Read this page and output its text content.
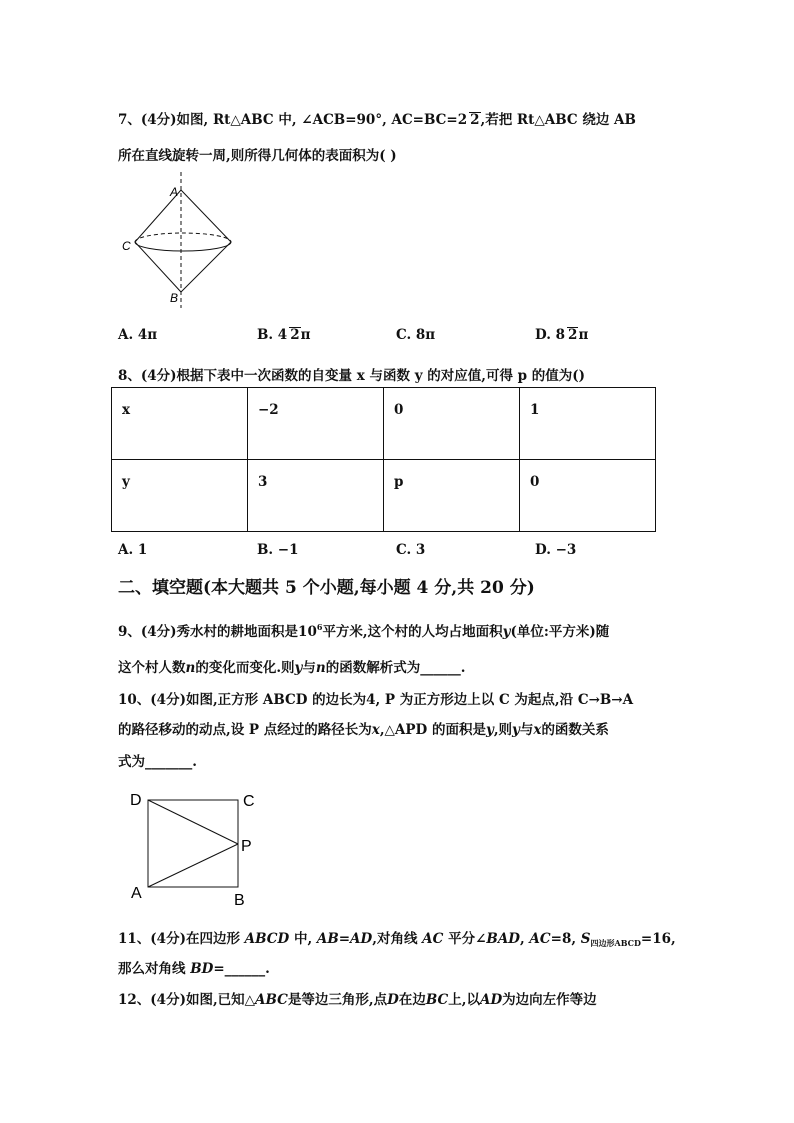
7、(4分)如图, Rt△ABC 中, ∠ACB=90°, AC=BC=2 2,若把 Rt△ABC 绕边 AB
所在直线旋转一周,则所得几何体的表面积为( )
A
C
B
A. 4π	B. 4 2π	C. 8π	D. 8 2π
8、(4分)根据下表中一次函数的自变量 x 与函数 y 的对应值,可得 p 的值为()
x	−2	0	1
y	3	p	0
A. 1	B. −1	C. 3	D. −3
二、填空题(本大题共 5 个小题,每小题 4 分,共 20 分)
9、(4分)秀水村的耕地面积是$10^6$平方米,这个村的人均占地面积y(单位:平方米)随
这个村人数n的变化而变化.则y与n的函数解析式为______.
10、(4分)如图,正方形 ABCD 的边长为4, P 为正方形边上以 C 为起点,沿 C→B→A
的路径移动的动点,设 P 点经过的路径长为x,△APD 的面积是y,则y与x的函数关系
式为_______.
D	C
P
A	B
11、(4分)在四边形 ABCD 中, AB=AD,对角线 AC 平分∠BAD, AC=8, $S_{四边形ABCD}=16$,
那么对角线 BD=______.
12、(4分)如图,已知△ABC是等边三角形,点D在边BC上,以AD为边向左作等边
